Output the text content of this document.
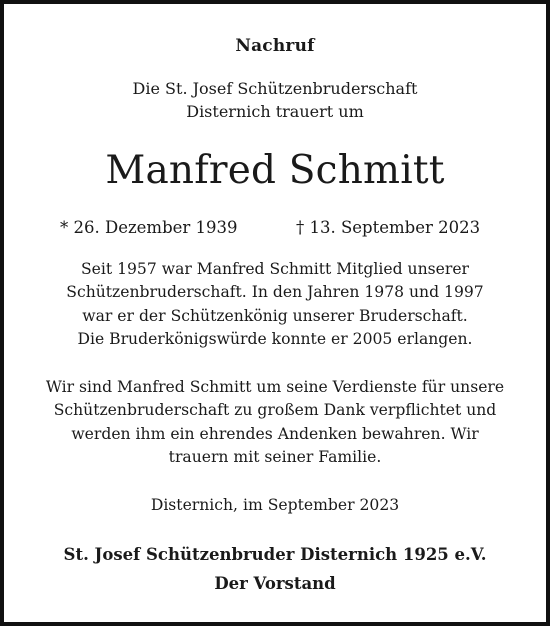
Nachruf
Die St. Josef Schützenbruderschaft
Disternich trauert um
Manfred Schmitt
* 26. Dezember 1939	† 13. September 2023
Seit 1957 war Manfred Schmitt Mitglied unserer
Schützenbruderschaft. In den Jahren 1978 und 1997
war er der Schützenkönig unserer Bruderschaft.
Die Bruderkönigswürde konnte er 2005 erlangen.
Wir sind Manfred Schmitt um seine Verdienste für unsere
Schützenbruderschaft zu großem Dank verpflichtet und
werden ihm ein ehrendes Andenken bewahren. Wir
trauern mit seiner Familie.
Disternich, im September 2023
St. Josef Schützenbruder Disternich 1925 e.V.
Der Vorstand
